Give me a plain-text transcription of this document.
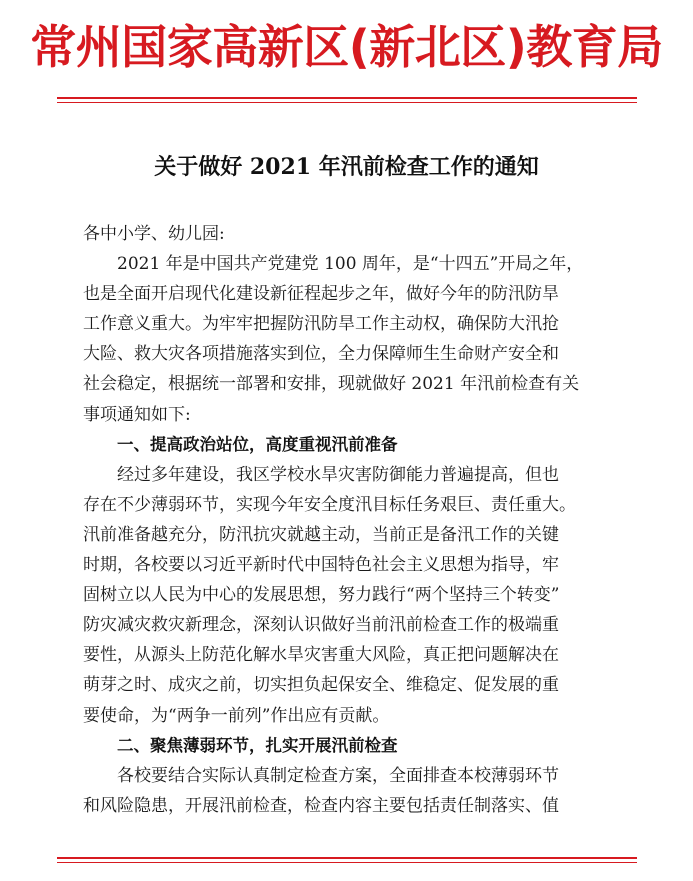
常州国家高新区(新北区)教育局
关于做好 2021 年汛前检查工作的通知

各中小学、幼儿园:

2021 年是中国共产党建党 100 周年，是“十四五”开局之年，
也是全面开启现代化建设新征程起步之年，做好今年的防汛防旱
工作意义重大。为牢牢把握防汛防旱工作主动权，确保防大汛抢
大险、救大灾各项措施落实到位，全力保障师生生命财产安全和
社会稳定，根据统一部署和安排，现就做好 2021 年汛前检查有关
事项通知如下:

一、提高政治站位，高度重视汛前准备

经过多年建设，我区学校水旱灾害防御能力普遍提高，但也
存在不少薄弱环节，实现今年安全度汛目标任务艰巨、责任重大。
汛前准备越充分，防汛抗灾就越主动，当前正是备汛工作的关键
时期，各校要以习近平新时代中国特色社会主义思想为指导，牢
固树立以人民为中心的发展思想，努力践行“两个坚持三个转变”
防灾减灾救灾新理念，深刻认识做好当前汛前检查工作的极端重
要性，从源头上防范化解水旱灾害重大风险，真正把问题解决在
萌芽之时、成灾之前，切实担负起保安全、维稳定、促发展的重
要使命，为“两争一前列”作出应有贡献。

二、聚焦薄弱环节，扎实开展汛前检查

各校要结合实际认真制定检查方案，全面排查本校薄弱环节
和风险隐患，开展汛前检查，检查内容主要包括责任制落实、值
